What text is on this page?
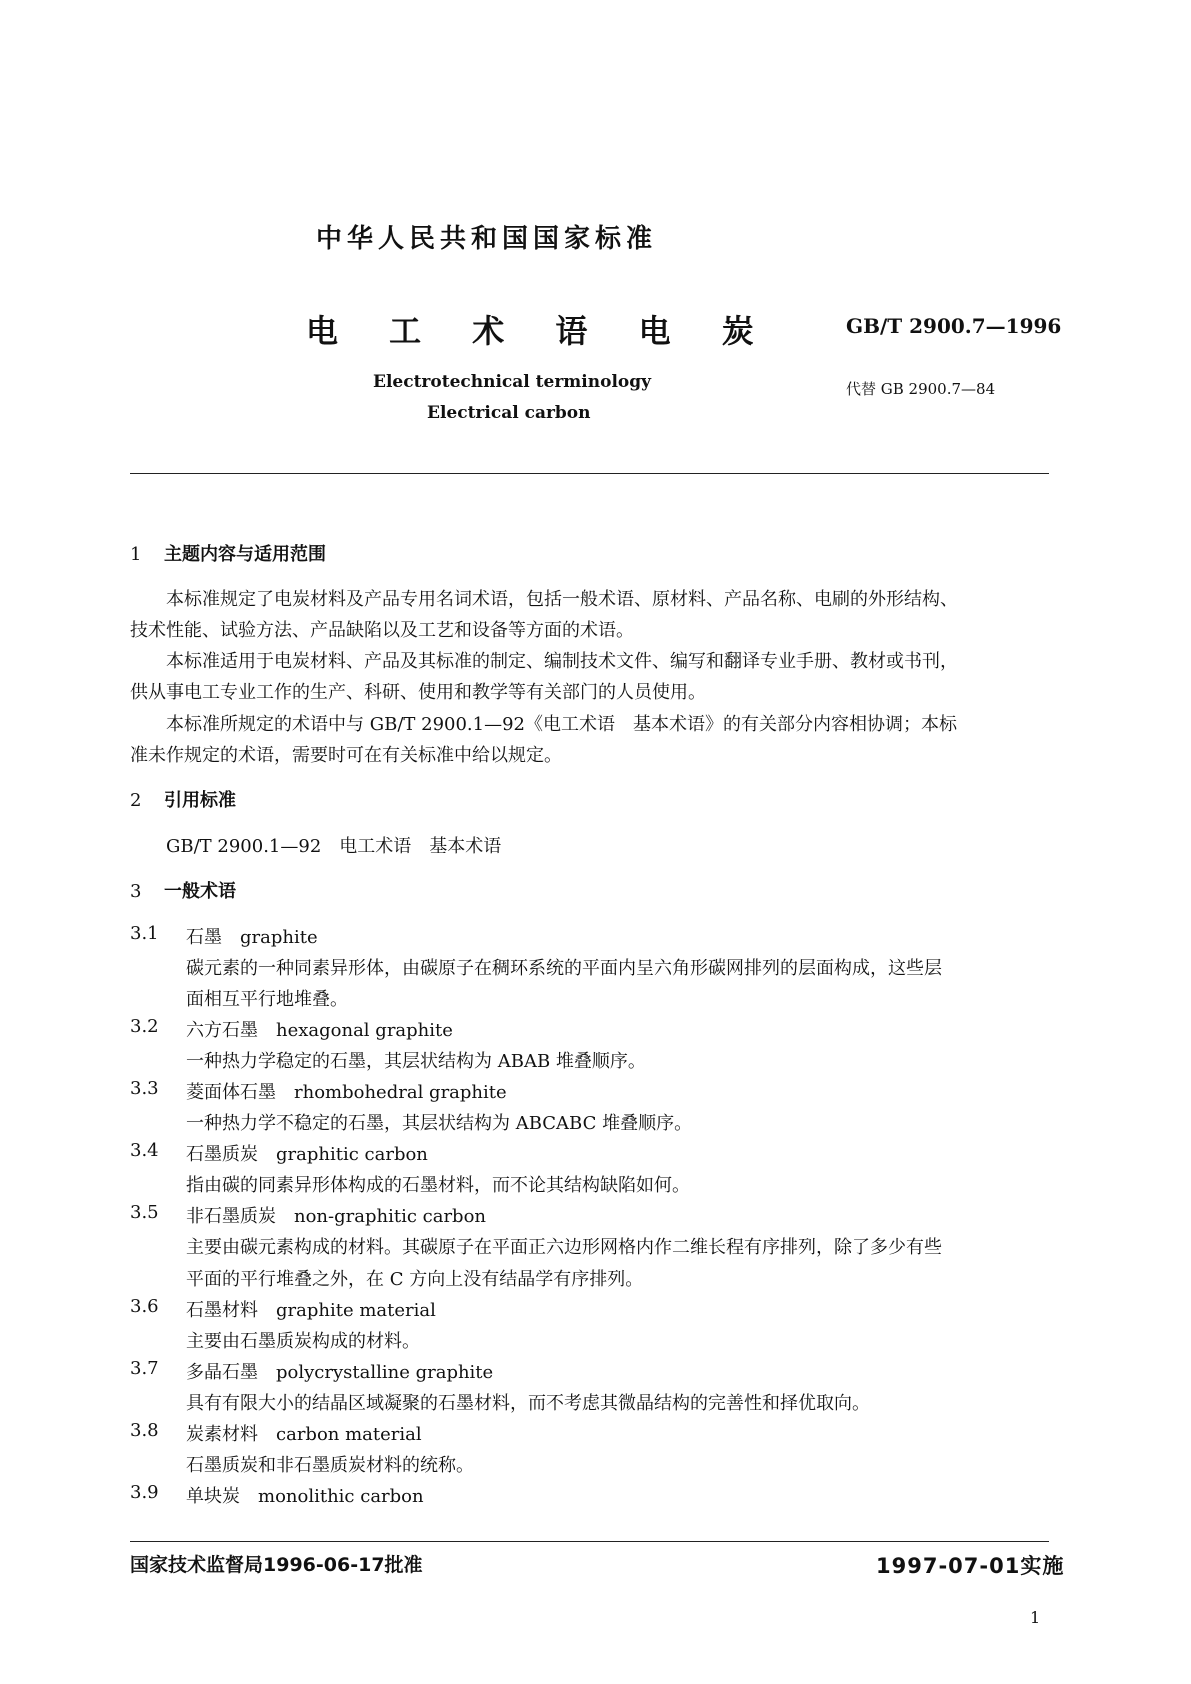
中华人民共和国国家标准
电 工 术 语 电 炭	GB/T 2900.7—1996
Electrotechnical terminology
Electrical carbon
代替 GB 2900.7—84
1 主题内容与适用范围
本标准规定了电炭材料及产品专用名词术语，包括一般术语、原材料、产品名称、电刷的外形结构、
技术性能、试验方法、产品缺陷以及工艺和设备等方面的术语。
本标准适用于电炭材料、产品及其标准的制定、编制技术文件、编写和翻译专业手册、教材或书刊，
供从事电工专业工作的生产、科研、使用和教学等有关部门的人员使用。
本标准所规定的术语中与 GB/T 2900.1—92《电工术语　基本术语》的有关部分内容相协调；本标
准未作规定的术语，需要时可在有关标准中给以规定。
2 引用标准
GB/T 2900.1—92　电工术语　基本术语
3 一般术语
3.1 石墨 graphite
碳元素的一种同素异形体，由碳原子在稠环系统的平面内呈六角形碳网排列的层面构成，这些层
面相互平行地堆叠。
3.2 六方石墨 hexagonal graphite
一种热力学稳定的石墨，其层状结构为 ABAB 堆叠顺序。
3.3 菱面体石墨 rhombohedral graphite
一种热力学不稳定的石墨，其层状结构为 ABCABC 堆叠顺序。
3.4 石墨质炭 graphitic carbon
指由碳的同素异形体构成的石墨材料，而不论其结构缺陷如何。
3.5 非石墨质炭 non-graphitic carbon
主要由碳元素构成的材料。其碳原子在平面正六边形网格内作二维长程有序排列，除了多少有些
平面的平行堆叠之外，在 C 方向上没有结晶学有序排列。
3.6 石墨材料 graphite material
主要由石墨质炭构成的材料。
3.7 多晶石墨 polycrystalline graphite
具有有限大小的结晶区域凝聚的石墨材料，而不考虑其微晶结构的完善性和择优取向。
3.8 炭素材料 carbon material
石墨质炭和非石墨质炭材料的统称。
3.9 单块炭 monolithic carbon
国家技术监督局1996-06-17批准	1997-07-01实施
1
